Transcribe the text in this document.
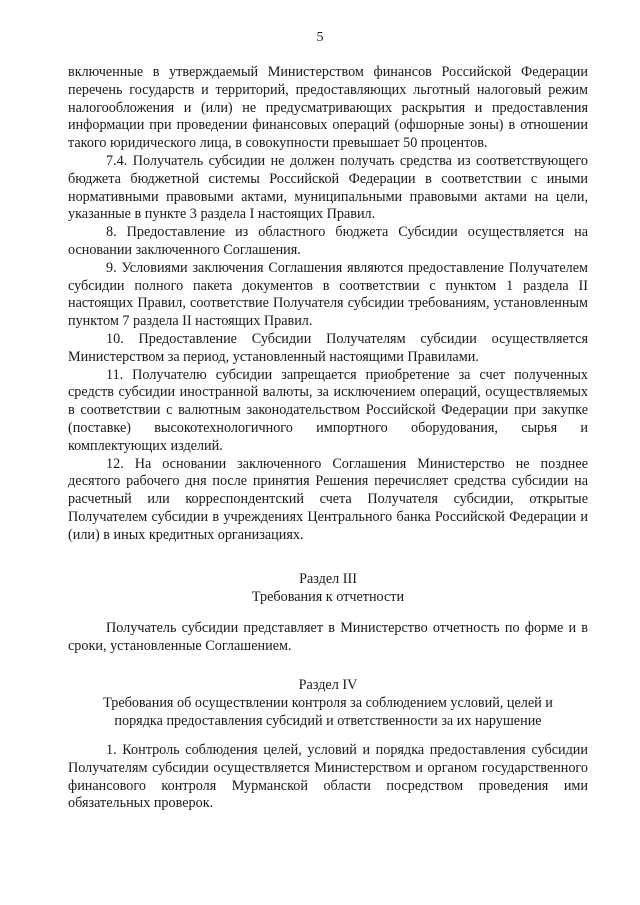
5

включенные в утверждаемый Министерством финансов Российской Федерации перечень государств и территорий, предоставляющих льготный налоговый режим налогообложения и (или) не предусматривающих раскрытия и предоставления информации при проведении финансовых операций (офшорные зоны) в отношении такого юридического лица, в совокупности превышает 50 процентов.

7.4. Получатель субсидии не должен получать средства из соответствующего бюджета бюджетной системы Российской Федерации в соответствии с иными нормативными правовыми актами, муниципальными правовыми актами на цели, указанные в пункте 3 раздела I настоящих Правил.

8. Предоставление из областного бюджета Субсидии осуществляется на основании заключенного Соглашения.

9. Условиями заключения Соглашения являются предоставление Получателем субсидии полного пакета документов в соответствии с пунктом 1 раздела II настоящих Правил, соответствие Получателя субсидии требованиям, установленным пунктом 7 раздела II настоящих Правил.

10. Предоставление Субсидии Получателям субсидии осуществляется Министерством за период, установленный настоящими Правилами.

11. Получателю субсидии запрещается приобретение за счет полученных средств субсидии иностранной валюты, за исключением операций, осуществляемых в соответствии с валютным законодательством Российской Федерации при закупке (поставке) высокотехнологичного импортного оборудования, сырья и комплектующих изделий.

12. На основании заключенного Соглашения Министерство не позднее десятого рабочего дня после принятия Решения перечисляет средства субсидии на расчетный или корреспондентский счета Получателя субсидии, открытые Получателем субсидии в учреждениях Центрального банка Российской Федерации и (или) в иных кредитных организациях.

Раздел III

Требования к отчетности

Получатель субсидии представляет в Министерство отчетность по форме и в сроки, установленные Соглашением.

Раздел IV

Требования об осуществлении контроля за соблюдением условий, целей и

порядка предоставления субсидий и ответственности за их нарушение

1. Контроль соблюдения целей, условий и порядка предоставления субсидии Получателям субсидии осуществляется Министерством и органом государственного финансового контроля Мурманской области посредством проведения ими обязательных проверок.
